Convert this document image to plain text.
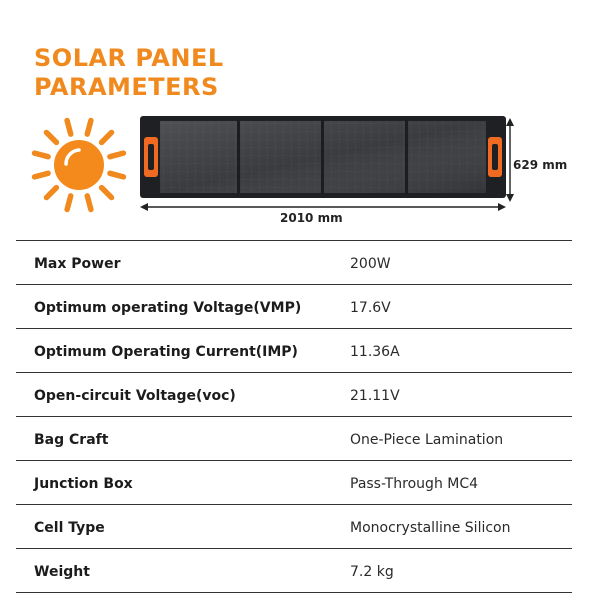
SOLAR PANEL
PARAMETERS
2010 mm
629 mm
Max Power	200W
Optimum operating Voltage(VMP)	17.6V
Optimum Operating Current(IMP)	11.36A
Open-circuit Voltage(voc)	21.11V
Bag Craft	One-Piece Lamination
Junction Box	Pass-Through MC4
Cell Type	Monocrystalline Silicon
Weight	7.2 kg
